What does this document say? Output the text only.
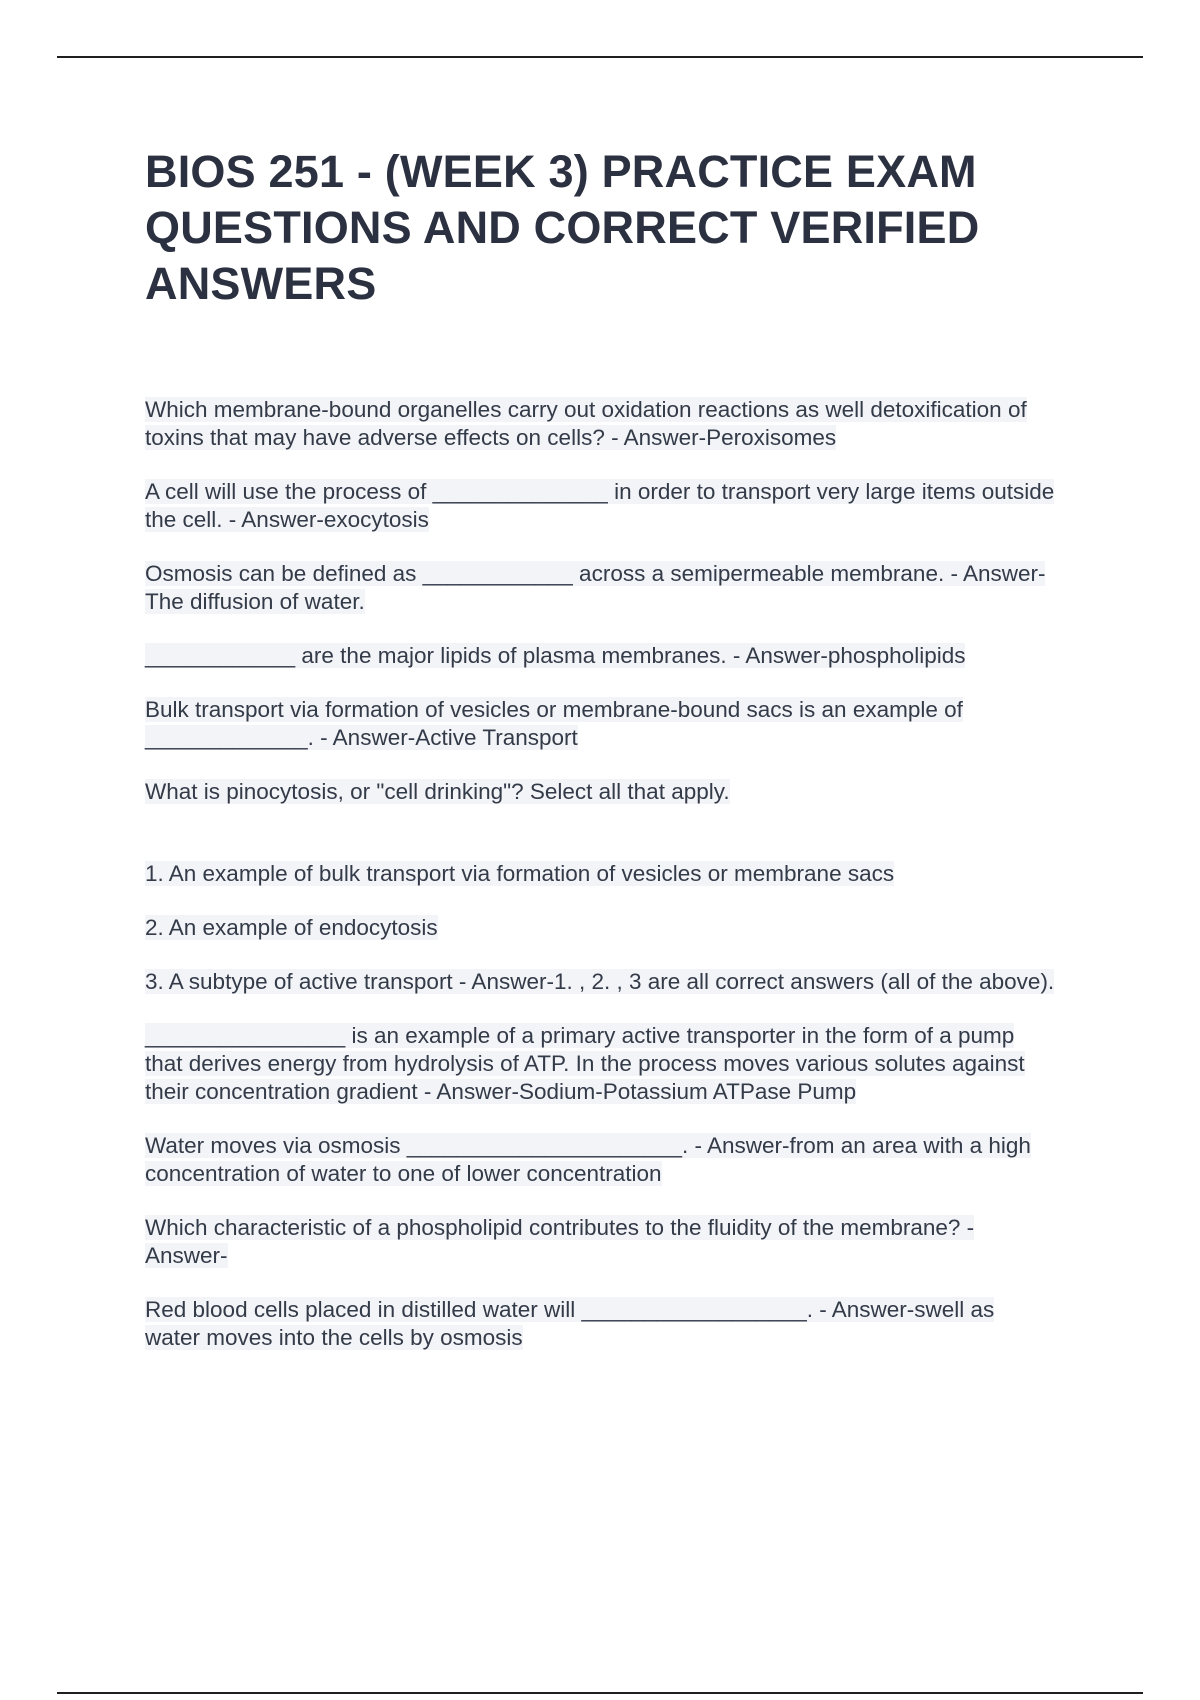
BIOS 251 - (WEEK 3) PRACTICE EXAM QUESTIONS AND CORRECT VERIFIED ANSWERS
Which membrane-bound organelles carry out oxidation reactions as well detoxification of toxins that may have adverse effects on cells? - Answer-Peroxisomes
A cell will use the process of ______________ in order to transport very large items outside the cell. - Answer-exocytosis
Osmosis can be defined as ____________ across a semipermeable membrane. - Answer-The diffusion of water.
____________ are the major lipids of plasma membranes. - Answer-phospholipids
Bulk transport via formation of vesicles or membrane-bound sacs is an example of _____________. - Answer-Active Transport
What is pinocytosis, or "cell drinking"? Select all that apply.
1. An example of bulk transport via formation of vesicles or membrane sacs
2. An example of endocytosis
3. A subtype of active transport - Answer-1. , 2. , 3 are all correct answers (all of the above).
________________ is an example of a primary active transporter in the form of a pump that derives energy from hydrolysis of ATP. In the process moves various solutes against their concentration gradient - Answer-Sodium-Potassium ATPase Pump
Water moves via osmosis ______________________. - Answer-from an area with a high concentration of water to one of lower concentration
Which characteristic of a phospholipid contributes to the fluidity of the membrane? - Answer-
Red blood cells placed in distilled water will __________________. - Answer-swell as water moves into the cells by osmosis
